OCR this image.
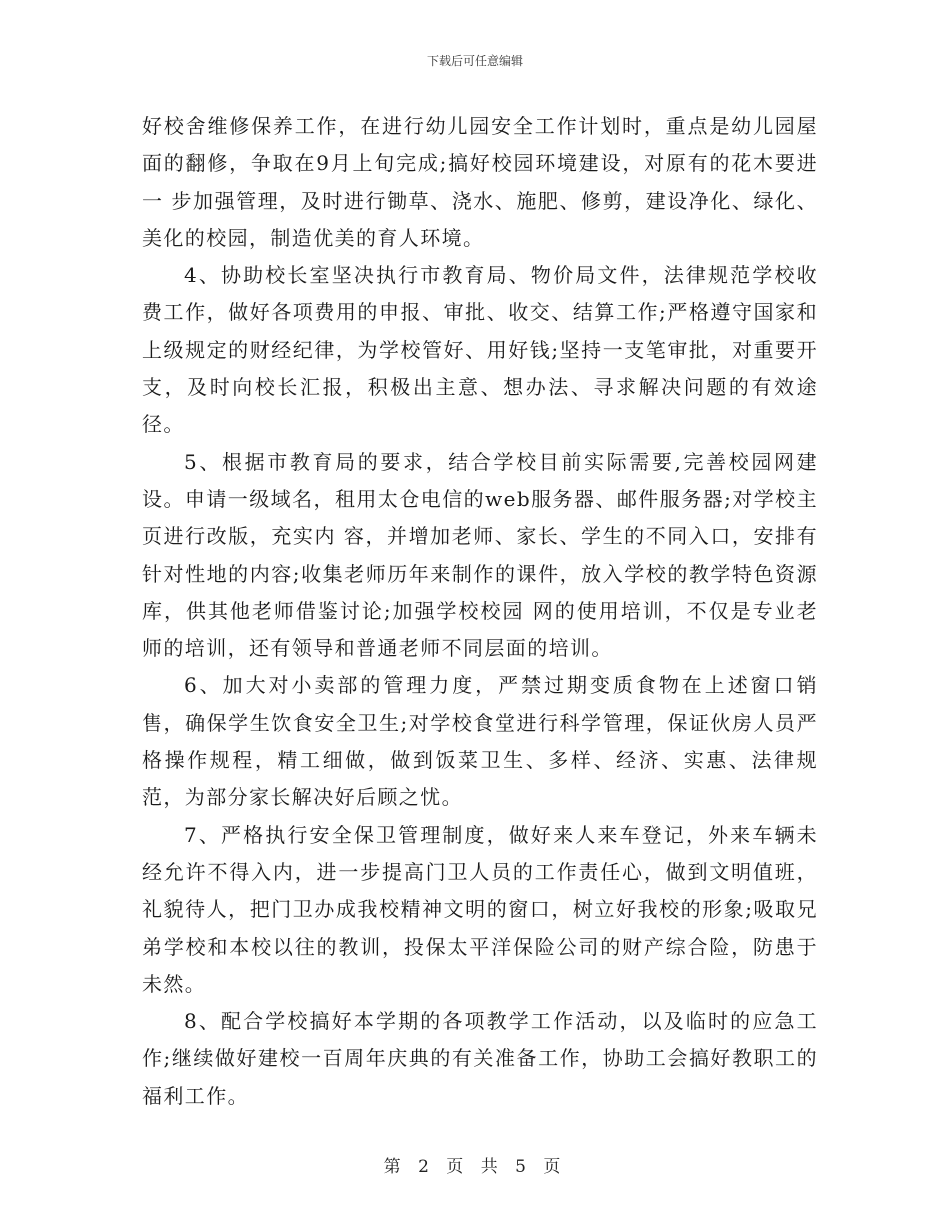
下载后可任意编辑

好校舍维修保养工作，在进行幼儿园安全工作计划时，重点是幼儿园屋面的翻修，争取在9月上旬完成;搞好校园环境建设，对原有的花木要进一 步加强管理，及时进行锄草、浇水、施肥、修剪，建设净化、绿化、美化的校园，制造优美的育人环境。

4、协助校长室坚决执行市教育局、物价局文件，法律规范学校收费工作，做好各项费用的申报、审批、收交、结算工作;严格遵守国家和上级规定的财经纪律，为学校管好、用好钱;坚持一支笔审批，对重要开支，及时向校长汇报，积极出主意、想办法、寻求解决问题的有效途径。

5、根据市教育局的要求，结合学校目前实际需要,完善校园网建设。申请一级域名，租用太仓电信的web服务器、邮件服务器;对学校主页进行改版，充实内 容，并增加老师、家长、学生的不同入口，安排有针对性地的内容;收集老师历年来制作的课件，放入学校的教学特色资源库，供其他老师借鉴讨论;加强学校校园 网的使用培训，不仅是专业老师的培训，还有领导和普通老师不同层面的培训。

6、加大对小卖部的管理力度，严禁过期变质食物在上述窗口销售，确保学生饮食安全卫生;对学校食堂进行科学管理，保证伙房人员严格操作规程，精工细做，做到饭菜卫生、多样、经济、实惠、法律规范，为部分家长解决好后顾之忧。

7、严格执行安全保卫管理制度，做好来人来车登记，外来车辆未经允许不得入内，进一步提高门卫人员的工作责任心，做到文明值班，礼貌待人，把门卫办成我校精神文明的窗口，树立好我校的形象;吸取兄弟学校和本校以往的教训，投保太平洋保险公司的财产综合险，防患于未然。

8、配合学校搞好本学期的各项教学工作活动，以及临时的应急工作;继续做好建校一百周年庆典的有关准备工作，协助工会搞好教职工的福利工作。

第 2 页 共 5 页
